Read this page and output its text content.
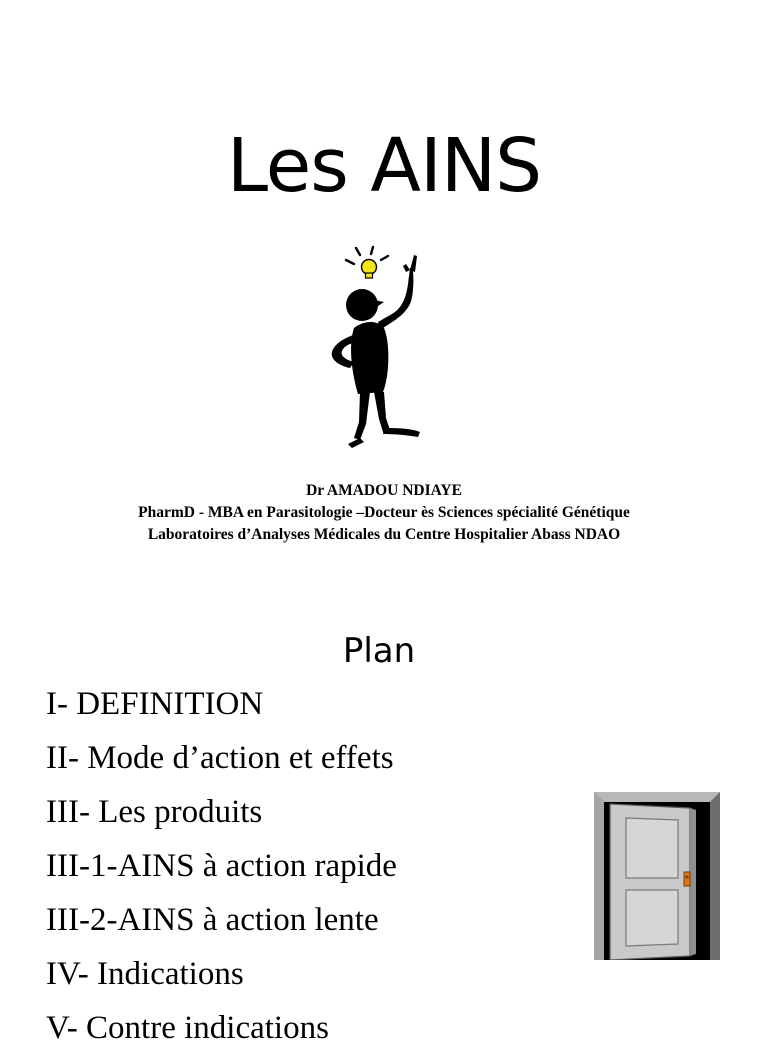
Les AINS
Dr AMADOU NDIAYE
PharmD - MBA en Parasitologie –Docteur ès Sciences spécialité Génétique
Laboratoires d’Analyses Médicales du Centre Hospitalier Abass NDAO
Plan
I- DEFINITION
II- Mode d’action et effets
III- Les produits
III-1-AINS à action rapide
III-2-AINS à action lente
IV- Indications
V- Contre indications
